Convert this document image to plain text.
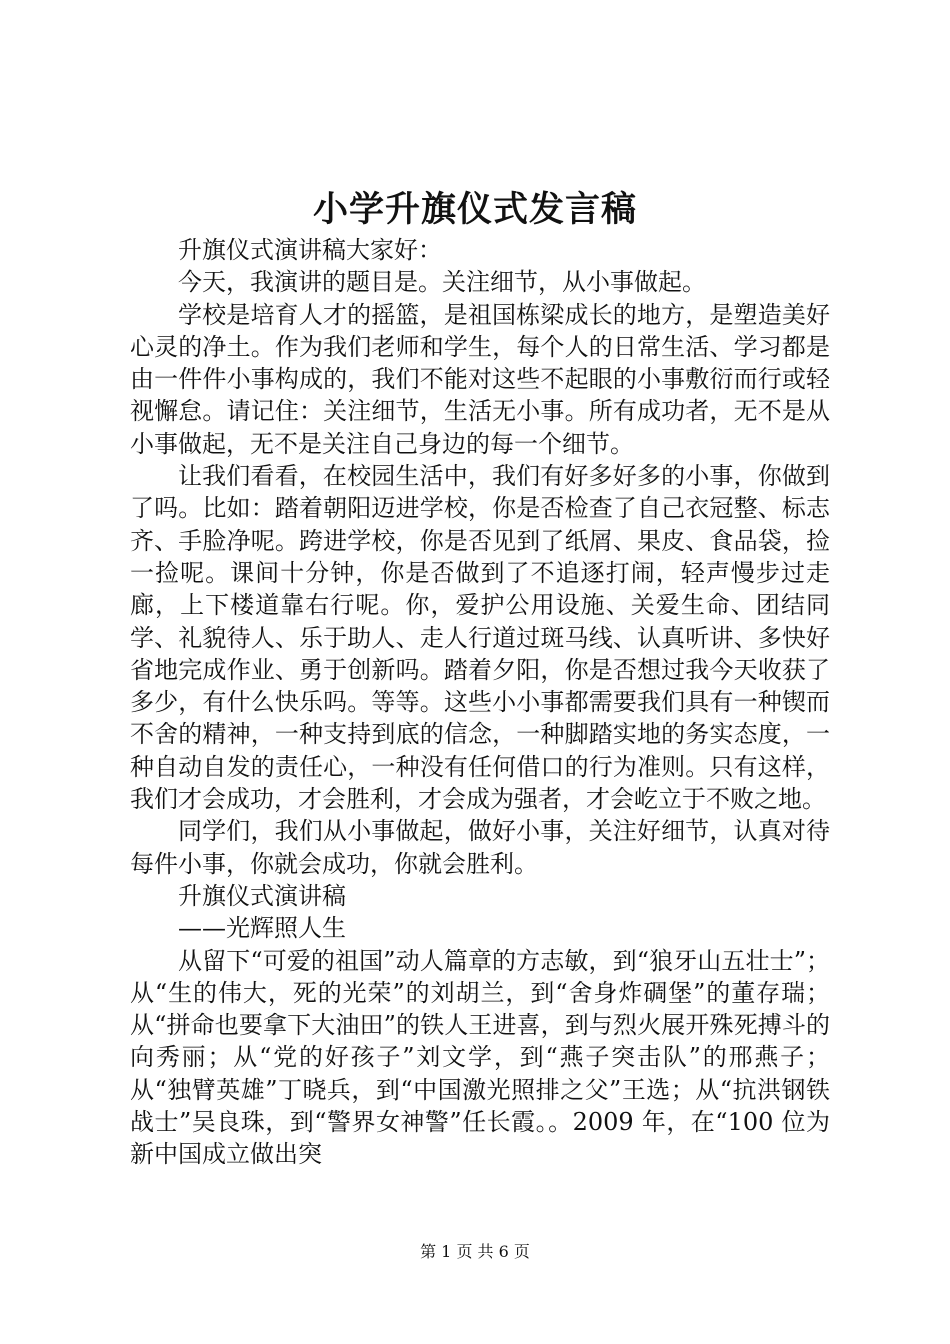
小学升旗仪式发言稿

升旗仪式演讲稿大家好：

今天，我演讲的题目是。关注细节，从小事做起。

学校是培育人才的摇篮，是祖国栋梁成长的地方，是塑造美好心灵的净土。作为我们老师和学生，每个人的日常生活、学习都是由一件件小事构成的，我们不能对这些不起眼的小事敷衍而行或轻视懈怠。请记住：关注细节，生活无小事。所有成功者，无不是从小事做起，无不是关注自己身边的每一个细节。

让我们看看，在校园生活中，我们有好多好多的小事，你做到了吗。比如：踏着朝阳迈进学校，你是否检查了自己衣冠整、标志齐、手脸净呢。跨进学校，你是否见到了纸屑、果皮、食品袋，捡一捡呢。课间十分钟，你是否做到了不追逐打闹，轻声慢步过走廊，上下楼道靠右行呢。你，爱护公用设施、关爱生命、团结同学、礼貌待人、乐于助人、走人行道过斑马线、认真听讲、多快好省地完成作业、勇于创新吗。踏着夕阳，你是否想过我今天收获了多少，有什么快乐吗。等等。这些小小事都需要我们具有一种锲而不舍的精神，一种支持到底的信念，一种脚踏实地的务实态度，一种自动自发的责任心，一种没有任何借口的行为准则。只有这样，我们才会成功，才会胜利，才会成为强者，才会屹立于不败之地。

同学们，我们从小事做起，做好小事，关注好细节，认真对待每件小事，你就会成功，你就会胜利。

升旗仪式演讲稿

——光辉照人生

从留下“可爱的祖国”动人篇章的方志敏，到“狼牙山五壮士”；从“生的伟大，死的光荣”的刘胡兰，到“舍身炸碉堡”的董存瑞；从“拼命也要拿下大油田”的铁人王进喜，到与烈火展开殊死搏斗的向秀丽；从“党的好孩子”刘文学，到“燕子突击队”的邢燕子；从“独臂英雄”丁晓兵，到“中国激光照排之父”王选；从“抗洪钢铁战士”吴良珠，到“警界女神警”任长霞。。2009 年，在“100 位为新中国成立做出突

第 1 页 共 6 页
